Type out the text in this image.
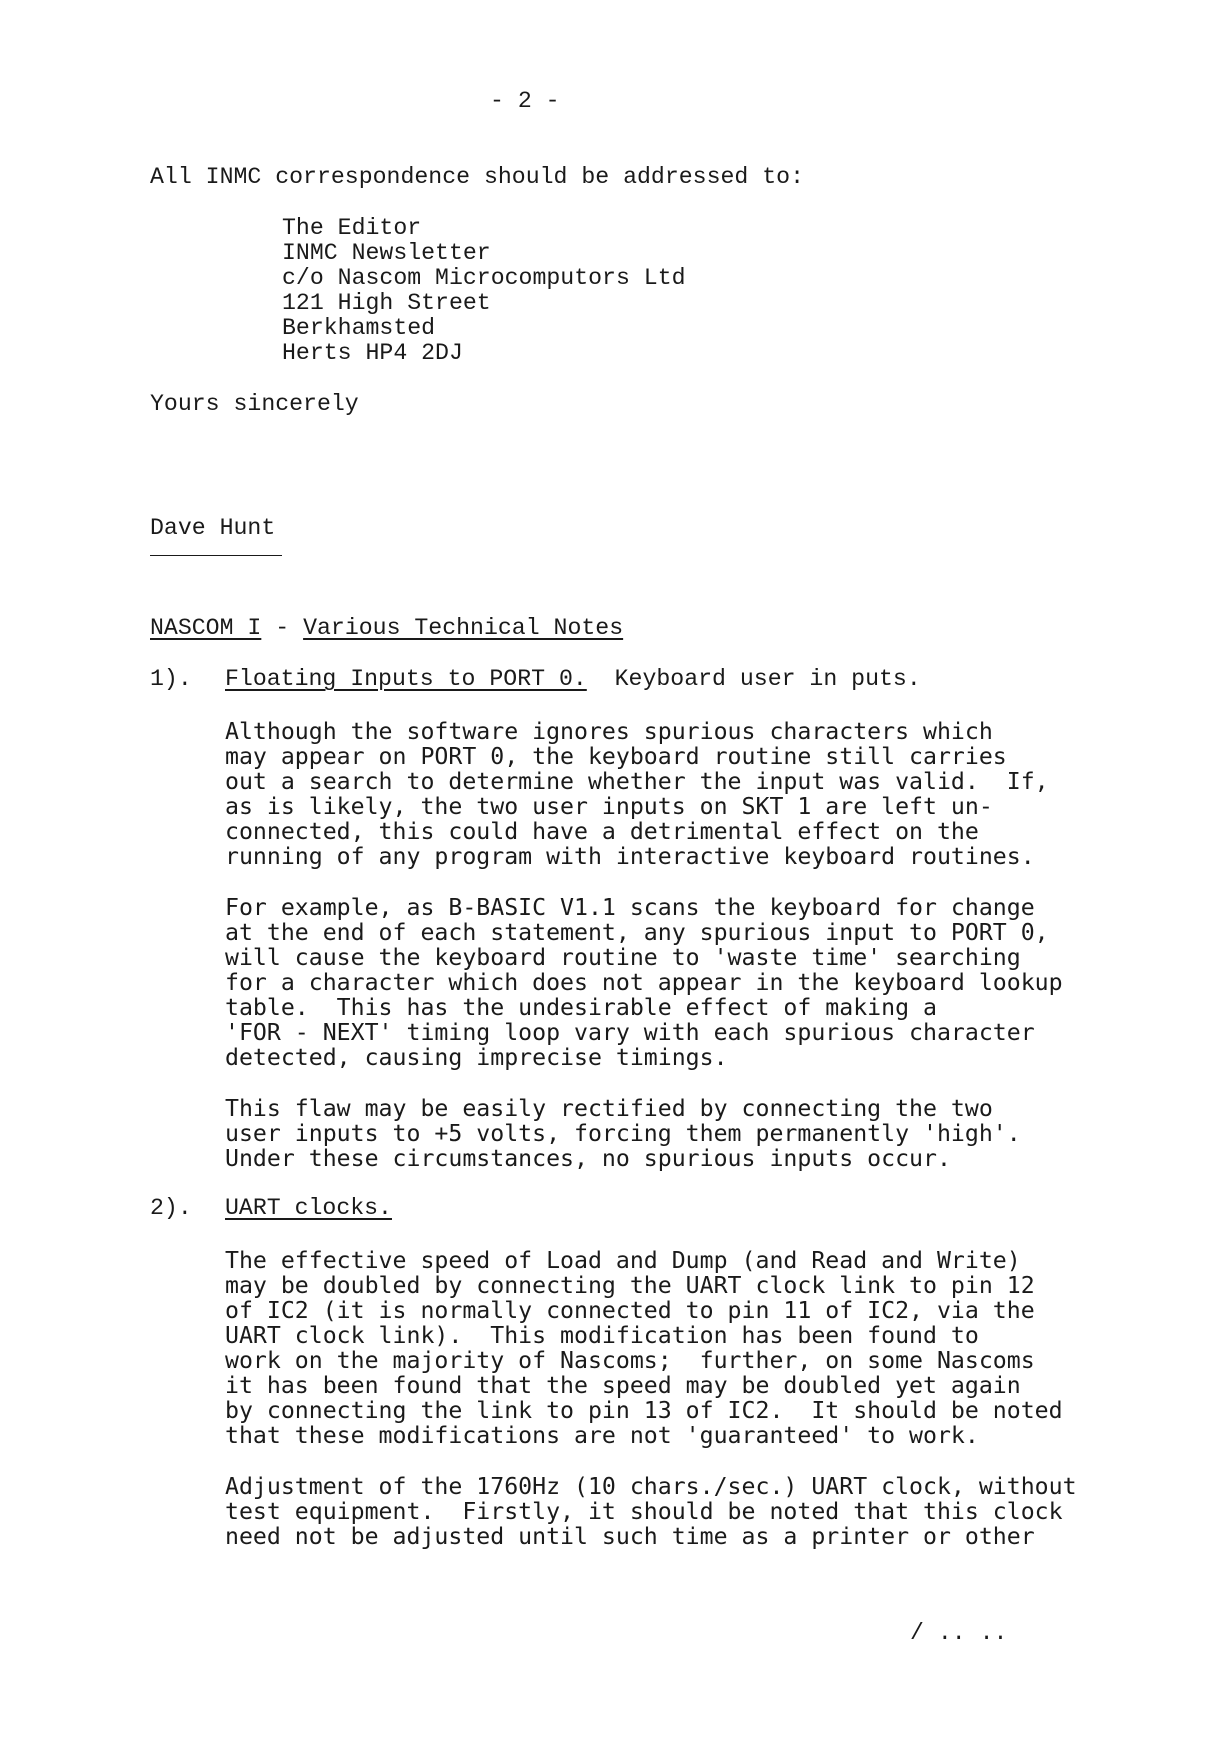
- 2 -
All INMC correspondence should be addressed to:
The Editor
INMC Newsletter
c/o Nascom Microcomputors Ltd
121 High Street
Berkhamsted
Herts HP4 2DJ
Yours sincerely
Dave Hunt
NASCOM I - Various Technical Notes
1). Floating Inputs to PORT 0.  Keyboard user in puts.
Although the software ignores spurious characters which
may appear on PORT 0, the keyboard routine still carries
out a search to determine whether the input was valid.  If,
as is likely, the two user inputs on SKT 1 are left un-
connected, this could have a detrimental effect on the
running of any program with interactive keyboard routines.
For example, as B-BASIC V1.1 scans the keyboard for change
at the end of each statement, any spurious input to PORT 0,
will cause the keyboard routine to 'waste time' searching
for a character which does not appear in the keyboard lookup
table.  This has the undesirable effect of making a
'FOR - NEXT' timing loop vary with each spurious character
detected, causing imprecise timings.
This flaw may be easily rectified by connecting the two
user inputs to +5 volts, forcing them permanently 'high'.
Under these circumstances, no spurious inputs occur.
2). UART clocks.
The effective speed of Load and Dump (and Read and Write)
may be doubled by connecting the UART clock link to pin 12
of IC2 (it is normally connected to pin 11 of IC2, via the
UART clock link).  This modification has been found to
work on the majority of Nascoms;  further, on some Nascoms
it has been found that the speed may be doubled yet again
by connecting the link to pin 13 of IC2.  It should be noted
that these modifications are not 'guaranteed' to work.
Adjustment of the 1760Hz (10 chars./sec.) UART clock, without
test equipment.  Firstly, it should be noted that this clock
need not be adjusted until such time as a printer or other
/ .. ..
